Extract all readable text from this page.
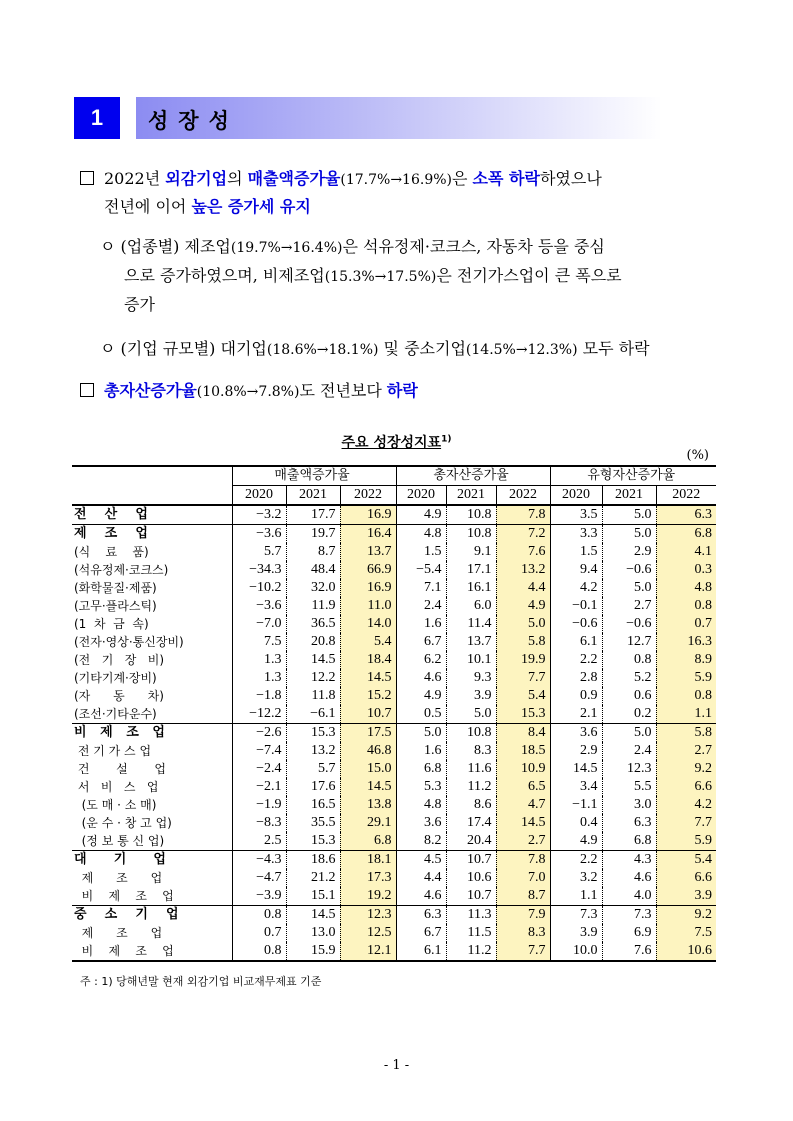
1	성장성
2022년 외감기업의 매출액증가율(17.7%→16.9%)은 소폭 하락하였으나
전년에 이어 높은 증가세 유지
ㅇ (업종별) 제조업(19.7%→16.4%)은 석유정제·코크스, 자동차 등을 중심
으로 증가하였으며, 비제조업(15.3%→17.5%)은 전기가스업이 큰 폭으로
증가
ㅇ (기업 규모별) 대기업(18.6%→18.1%) 및 중소기업(14.5%→12.3%) 모두 하락
총자산증가율(10.8%→7.8%)도 전년보다 하락
주요 성장성지표$^{1)}$
(%)
	매출액증가율			총자산증가율			유형자산증가율		
	2020	2021	2022	2020	2021	2022	2020	2021	2022
전    산    업	−3.2	17.7	16.9	4.9	10.8	7.8	3.5	5.0	6.3
제    조    업	−3.6	19.7	16.4	4.8	10.8	7.2	3.3	5.0	6.8
(식    료    품)	5.7	8.7	13.7	1.5	9.1	7.6	1.5	2.9	4.1
(석유정제·코크스)	−34.3	48.4	66.9	−5.4	17.1	13.2	9.4	−0.6	0.3
(화학물질·제품)	−10.2	32.0	16.9	7.1	16.1	4.4	4.2	5.0	4.8
(고무·플라스틱)	−3.6	11.9	11.0	2.4	6.0	4.9	−0.1	2.7	0.8
(1  차  금  속)	−7.0	36.5	14.0	1.6	11.4	5.0	−0.6	−0.6	0.7
(전자·영상·통신장비)	7.5	20.8	5.4	6.7	13.7	5.8	6.1	12.7	16.3
(전   기   장   비)	1.3	14.5	18.4	6.2	10.1	19.9	2.2	0.8	8.9
(기타기계·장비)	1.3	12.2	14.5	4.6	9.3	7.7	2.8	5.2	5.9
(자      동      차)	−1.8	11.8	15.2	4.9	3.9	5.4	0.9	0.6	0.8
(조선·기타운수)	−12.2	−6.1	10.7	0.5	5.0	15.3	2.1	0.2	1.1
비   제   조   업	−2.6	15.3	17.5	5.0	10.8	8.4	3.6	5.0	5.8
전 기 가 스 업	−7.4	13.2	46.8	1.6	8.3	18.5	2.9	2.4	2.7
건       설       업	−2.4	5.7	15.0	6.8	11.6	10.9	14.5	12.3	9.2
서   비   스   업	−2.1	17.6	14.5	5.3	11.2	6.5	3.4	5.5	6.6
(도 매 · 소 매)	−1.9	16.5	13.8	4.8	8.6	4.7	−1.1	3.0	4.2
(운 수 · 창 고 업)	−8.3	35.5	29.1	3.6	17.4	14.5	0.4	6.3	7.7
(정 보 통 신 업)	2.5	15.3	6.8	8.2	20.4	2.7	4.9	6.8	5.9
대      기      업	−4.3	18.6	18.1	4.5	10.7	7.8	2.2	4.3	5.4
제      조      업	−4.7	21.2	17.3	4.4	10.6	7.0	3.2	4.6	6.6
비    제    조    업	−3.9	15.1	19.2	4.6	10.7	8.7	1.1	4.0	3.9
중    소    기    업	0.8	14.5	12.3	6.3	11.3	7.9	7.3	7.3	9.2
제      조      업	0.7	13.0	12.5	6.7	11.5	8.3	3.9	6.9	7.5
비    제    조    업	0.8	15.9	12.1	6.1	11.2	7.7	10.0	7.6	10.6
주 : 1) 당해년말 현재 외감기업 비교재무제표 기준
- 1 -
